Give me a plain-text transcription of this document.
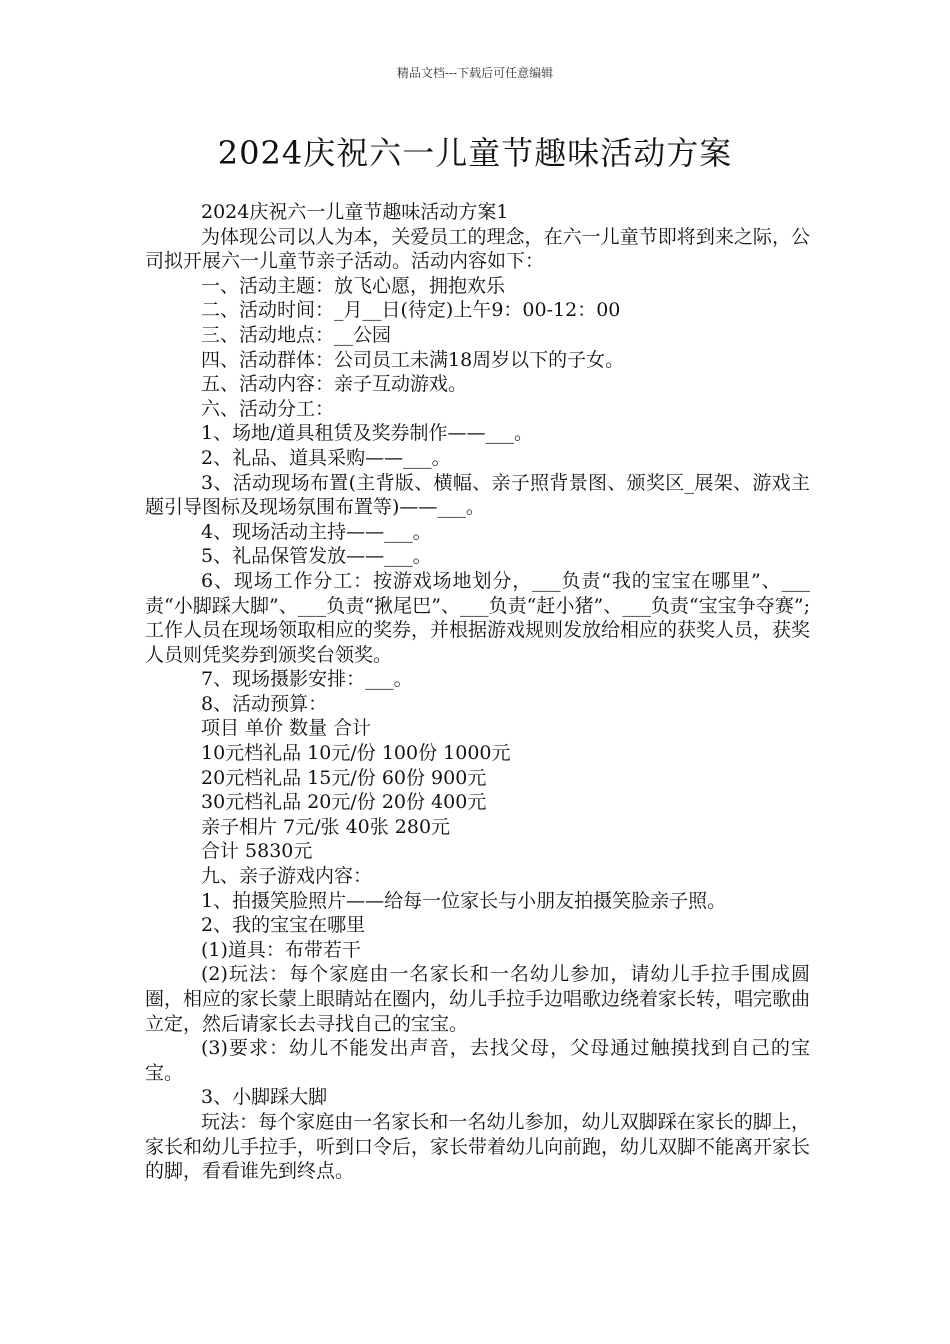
精品文档---下载后可任意编辑
2024庆祝六一儿童节趣味活动方案

2024庆祝六一儿童节趣味活动方案1

为体现公司以人为本，关爱员工的理念，在六一儿童节即将到来之际，公司拟开展六一儿童节亲子活动。活动内容如下：

一、活动主题：放飞心愿，拥抱欢乐

二、活动时间：_月__日(待定)上午9：00-12：00

三、活动地点：__公园

四、活动群体：公司员工未满18周岁以下的子女。

五、活动内容：亲子互动游戏。

六、活动分工：

1、场地/道具租赁及奖券制作——___。

2、礼品、道具采购——___。

3、活动现场布置(主背版、横幅、亲子照背景图、颁奖区_展架、游戏主题引导图标及现场氛围布置等)——___。

4、现场活动主持——___。

5、礼品保管发放——___。

6、现场工作分工：按游戏场地划分，___负责“我的宝宝在哪里”、___责“小脚踩大脚”、___负责“揪尾巴”、___负责“赶小猪”、___负责“宝宝争夺赛”;工作人员在现场领取相应的奖券，并根据游戏规则发放给相应的获奖人员，获奖人员则凭奖券到颁奖台领奖。

7、现场摄影安排：___。

8、活动预算：

项目 单价 数量 合计

10元档礼品 10元/份 100份 1000元

20元档礼品 15元/份 60份 900元

30元档礼品 20元/份 20份 400元

亲子相片 7元/张 40张 280元

合计 5830元

九、亲子游戏内容：

1、拍摄笑脸照片——给每一位家长与小朋友拍摄笑脸亲子照。

2、我的宝宝在哪里

(1)道具：布带若干

(2)玩法：每个家庭由一名家长和一名幼儿参加，请幼儿手拉手围成圆圈，相应的家长蒙上眼睛站在圈内，幼儿手拉手边唱歌边绕着家长转，唱完歌曲立定，然后请家长去寻找自己的宝宝。

(3)要求：幼儿不能发出声音，去找父母，父母通过触摸找到自己的宝宝。

3、小脚踩大脚

玩法：每个家庭由一名家长和一名幼儿参加，幼儿双脚踩在家长的脚上，家长和幼儿手拉手，听到口令后，家长带着幼儿向前跑，幼儿双脚不能离开家长的脚，看看谁先到终点。
